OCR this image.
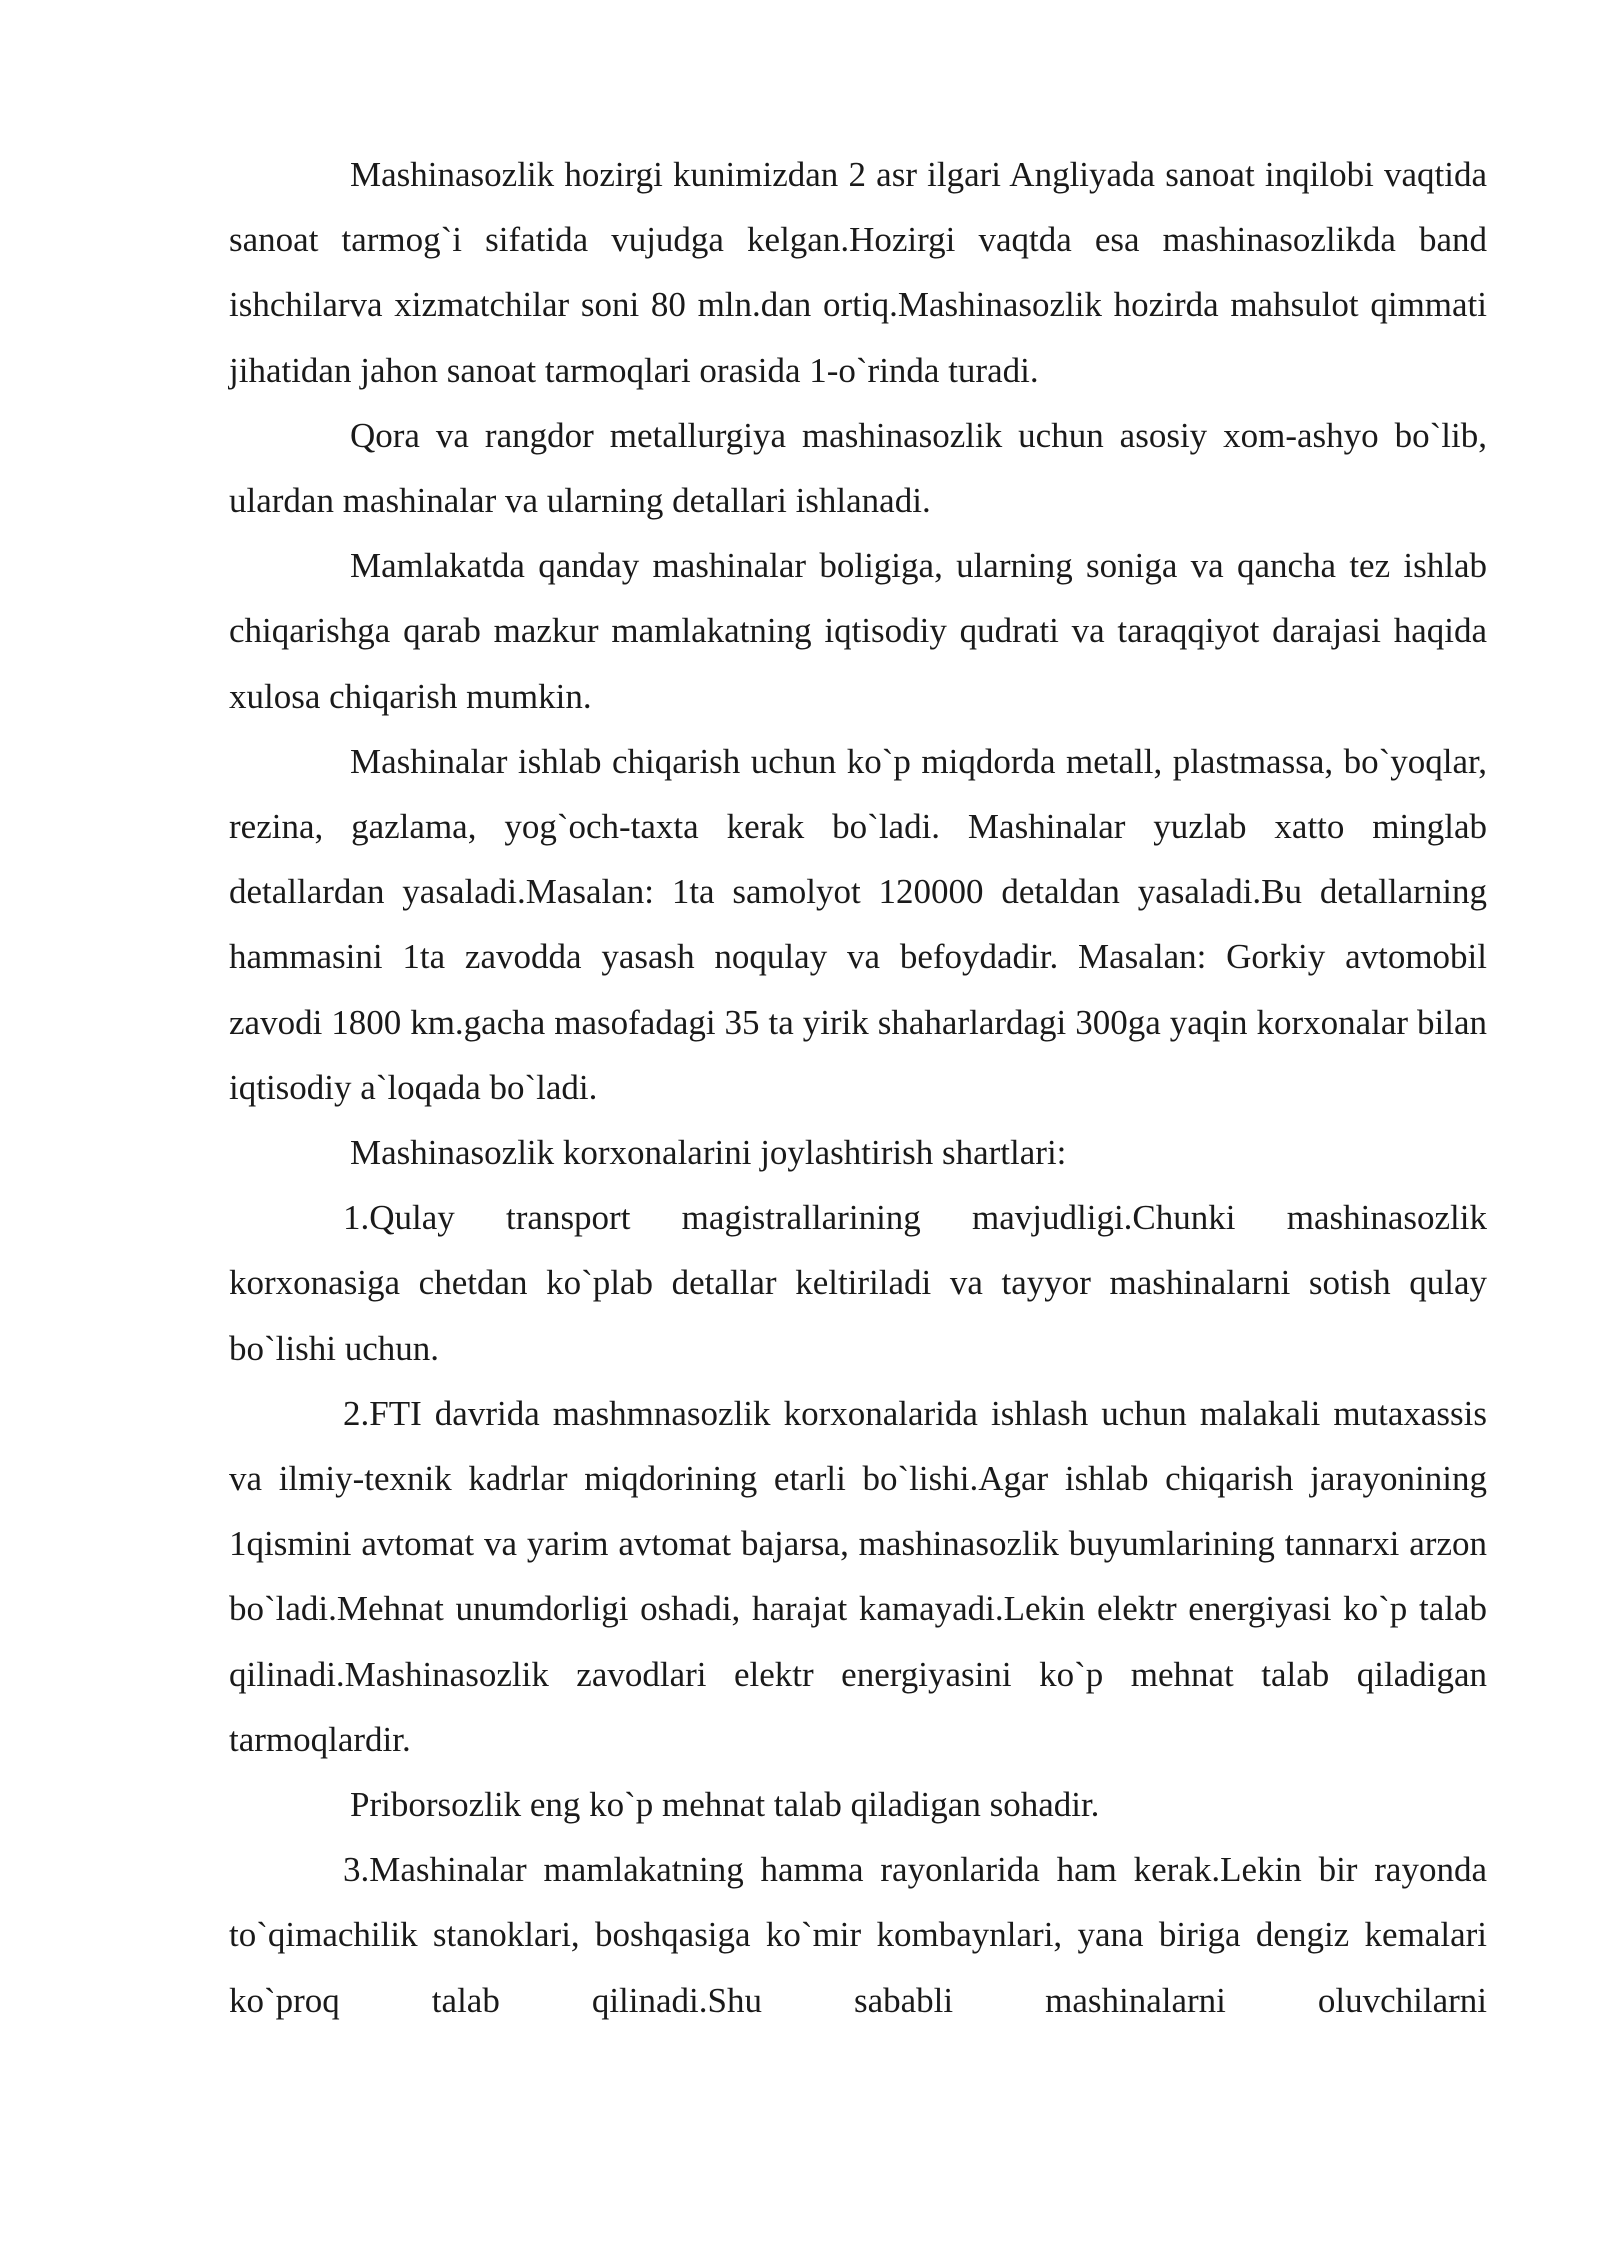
Mashinasozlik hozirgi kunimizdan 2 asr ilgari Angliyada sanoat inqilobi vaqtida sanoat tarmog`i sifatida vujudga kelgan.Hozirgi vaqtda esa mashinasozlikda band ishchilarva xizmatchilar soni 80 mln.dan ortiq.Mashinasozlik hozirda mahsulot qimmati jihatidan jahon sanoat tarmoqlari orasida 1-o`rinda turadi.

Qora va rangdor metallurgiya mashinasozlik uchun asosiy xom-ashyo bo`lib, ulardan mashinalar va ularning detallari ishlanadi.

Mamlakatda qanday mashinalar boligiga, ularning soniga va qancha tez ishlab chiqarishga qarab mazkur mamlakatning iqtisodiy qudrati va taraqqiyot darajasi haqida xulosa chiqarish mumkin.

Mashinalar ishlab chiqarish uchun ko`p miqdorda metall, plastmassa, bo`yoqlar, rezina, gazlama, yog`och-taxta kerak bo`ladi. Mashinalar yuzlab xatto minglab detallardan yasaladi.Masalan: 1ta samolyot 120000 detaldan yasaladi.Bu detallarning hammasini 1ta zavodda yasash noqulay va befoydadir. Masalan: Gorkiy avtomobil zavodi 1800 km.gacha masofadagi 35 ta yirik shaharlardagi 300ga yaqin korxonalar bilan iqtisodiy a`loqada bo`ladi.

Mashinasozlik korxonalarini joylashtirish shartlari:

1.Qulay transport magistrallarining mavjudligi.Chunki mashinasozlik korxonasiga chetdan ko`plab detallar keltiriladi va tayyor mashinalarni sotish qulay bo`lishi uchun.

2.FTI davrida mashmnasozlik korxonalarida ishlash uchun malakali mutaxassis va ilmiy-texnik kadrlar miqdorining etarli bo`lishi.Agar ishlab chiqarish jarayonining 1qismini avtomat va yarim avtomat bajarsa, mashinasozlik buyumlarining tannarxi arzon bo`ladi.Mehnat unumdorligi oshadi, harajat kamayadi.Lekin elektr energiyasi ko`p talab qilinadi.Mashinasozlik zavodlari elektr energiyasini ko`p mehnat talab qiladigan tarmoqlardir.

Priborsozlik eng ko`p mehnat talab qiladigan sohadir.

3.Mashinalar mamlakatning hamma rayonlarida ham kerak.Lekin bir rayonda to`qimachilik stanoklari, boshqasiga ko`mir kombaynlari, yana biriga dengiz kemalari ko`proq talab qilinadi.Shu sababli mashinalarni oluvchilarni
